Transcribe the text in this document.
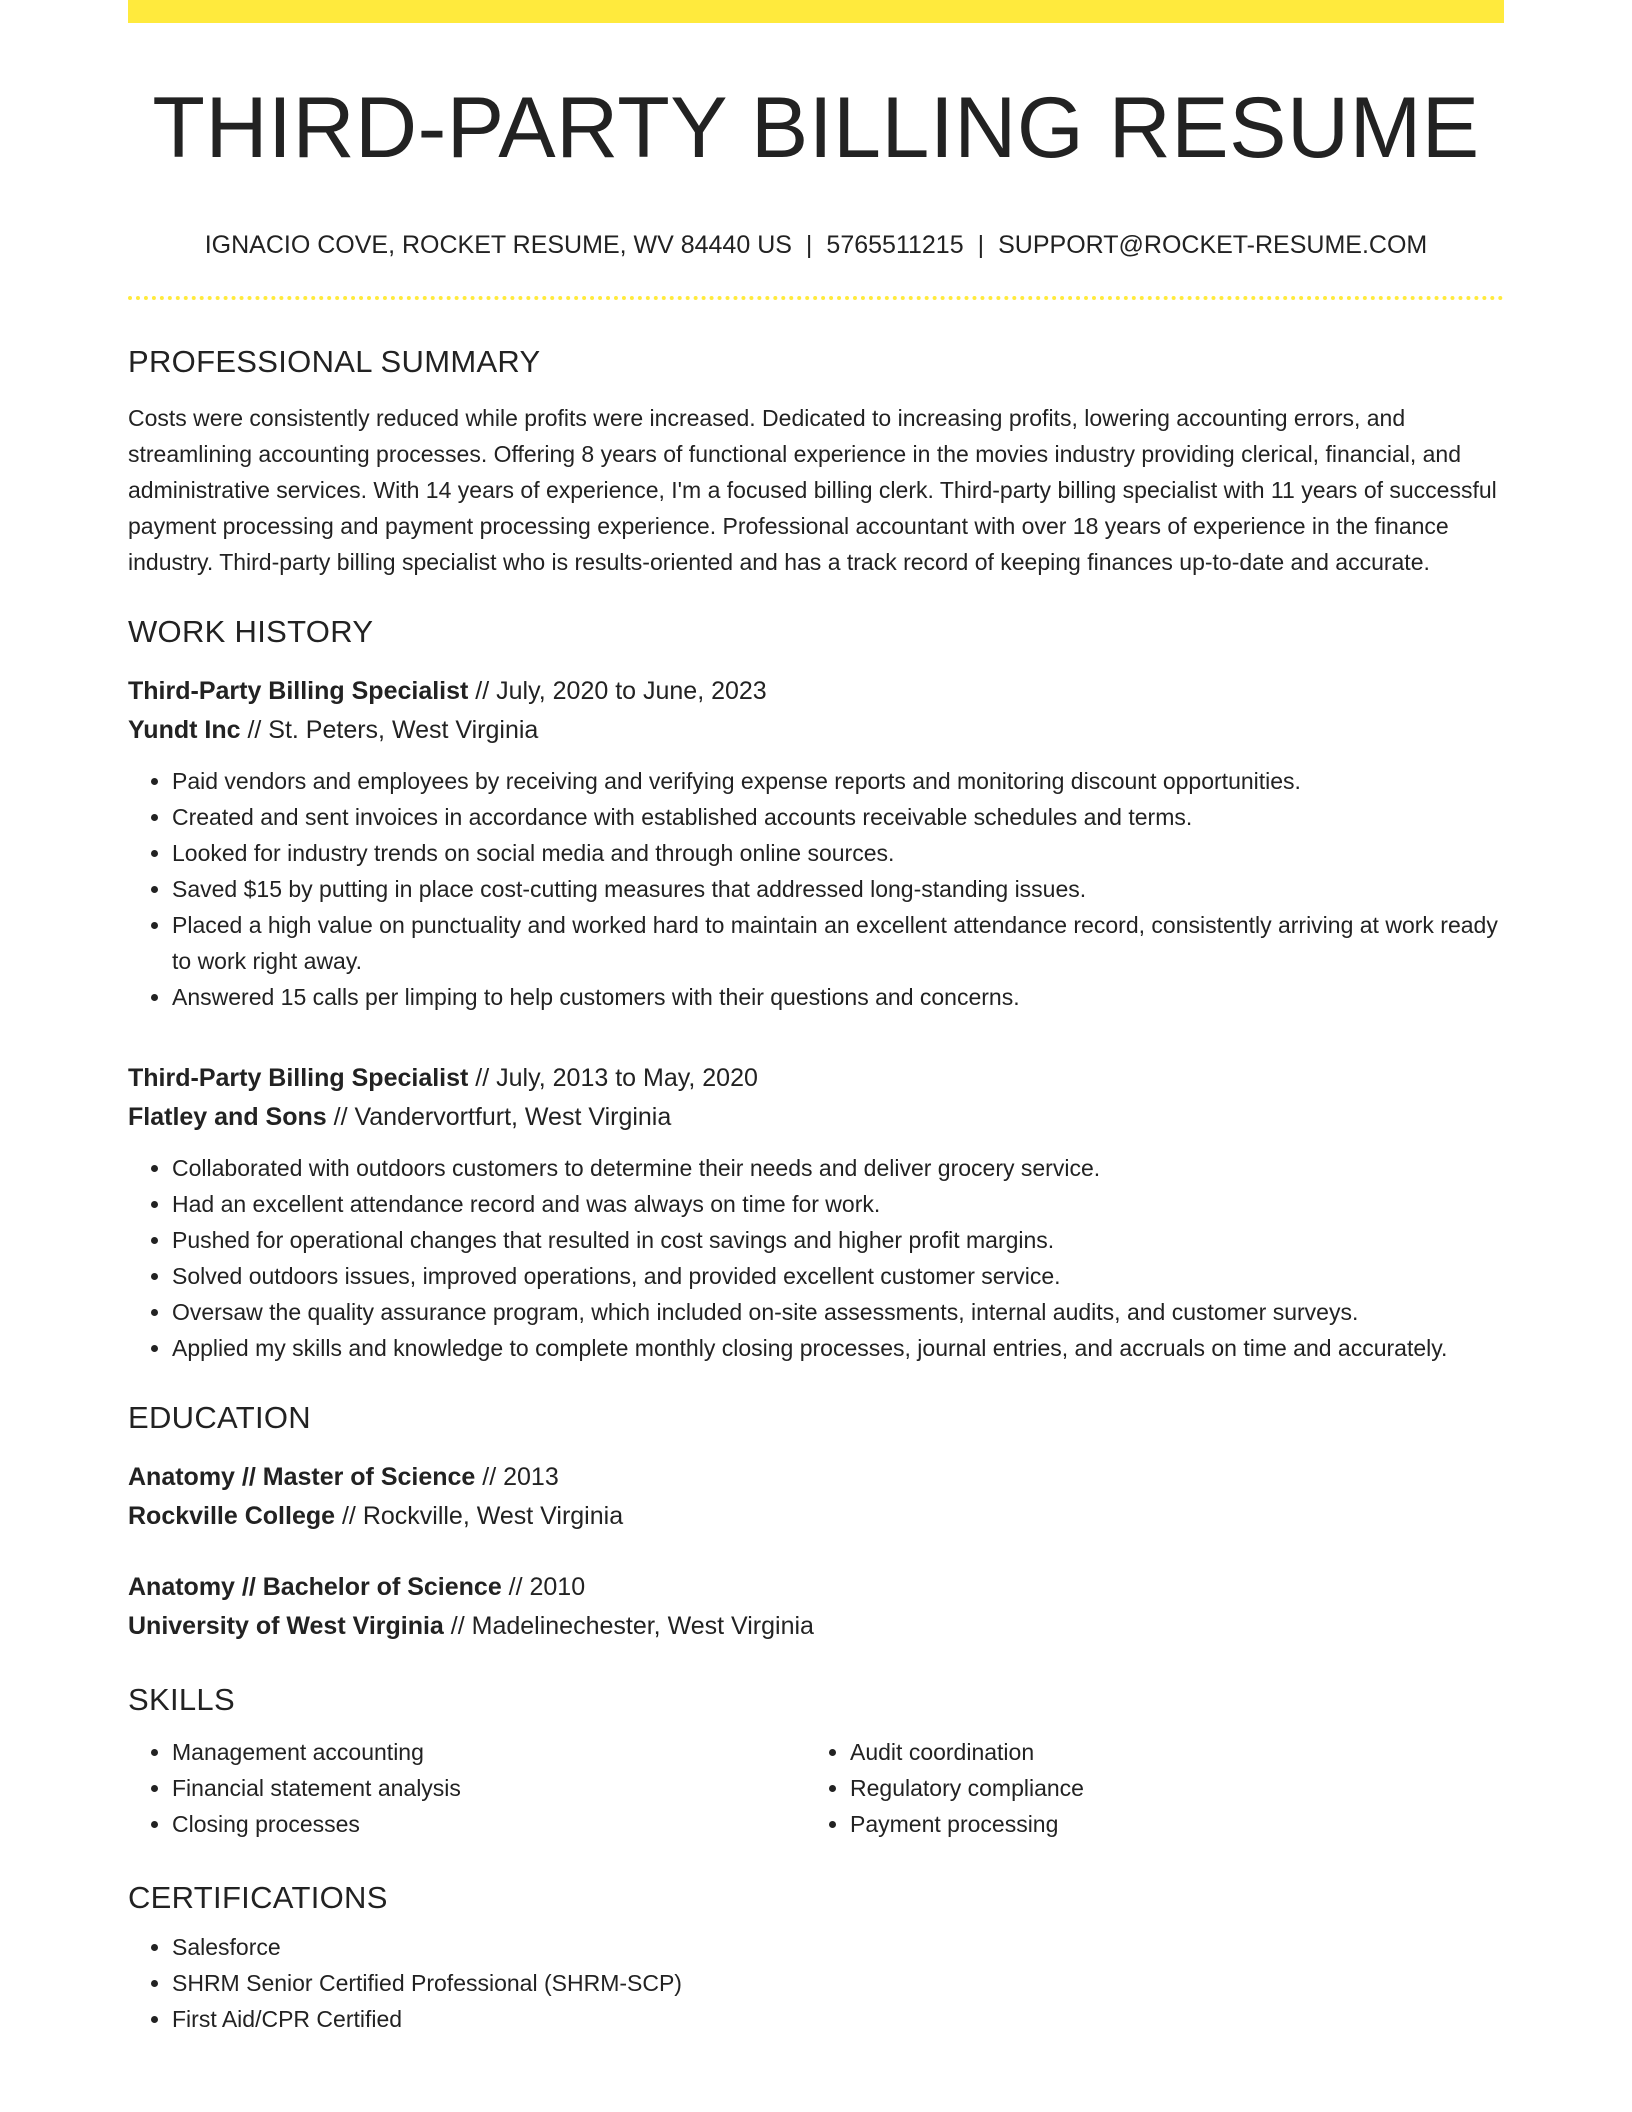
THIRD-PARTY BILLING RESUME
IGNACIO COVE, ROCKET RESUME, WV 84440 US | 5765511215 | SUPPORT@ROCKET-RESUME.COM
PROFESSIONAL SUMMARY
Costs were consistently reduced while profits were increased. Dedicated to increasing profits, lowering accounting errors, and streamlining accounting processes. Offering 8 years of functional experience in the movies industry providing clerical, financial, and administrative services. With 14 years of experience, I'm a focused billing clerk. Third-party billing specialist with 11 years of successful payment processing and payment processing experience. Professional accountant with over 18 years of experience in the finance industry. Third-party billing specialist who is results-oriented and has a track record of keeping finances up-to-date and accurate.
WORK HISTORY
Third-Party Billing Specialist // July, 2020 to June, 2023
Yundt Inc // St. Peters, West Virginia
• Paid vendors and employees by receiving and verifying expense reports and monitoring discount opportunities.
• Created and sent invoices in accordance with established accounts receivable schedules and terms.
• Looked for industry trends on social media and through online sources.
• Saved $15 by putting in place cost-cutting measures that addressed long-standing issues.
• Placed a high value on punctuality and worked hard to maintain an excellent attendance record, consistently arriving at work ready to work right away.
• Answered 15 calls per limping to help customers with their questions and concerns.
Third-Party Billing Specialist // July, 2013 to May, 2020
Flatley and Sons // Vandervortfurt, West Virginia
• Collaborated with outdoors customers to determine their needs and deliver grocery service.
• Had an excellent attendance record and was always on time for work.
• Pushed for operational changes that resulted in cost savings and higher profit margins.
• Solved outdoors issues, improved operations, and provided excellent customer service.
• Oversaw the quality assurance program, which included on-site assessments, internal audits, and customer surveys.
• Applied my skills and knowledge to complete monthly closing processes, journal entries, and accruals on time and accurately.
EDUCATION
Anatomy // Master of Science // 2013
Rockville College // Rockville, West Virginia
Anatomy // Bachelor of Science // 2010
University of West Virginia // Madelinechester, West Virginia
SKILLS
• Management accounting
• Financial statement analysis
• Closing processes
• Audit coordination
• Regulatory compliance
• Payment processing
CERTIFICATIONS
• Salesforce
• SHRM Senior Certified Professional (SHRM-SCP)
• First Aid/CPR Certified
